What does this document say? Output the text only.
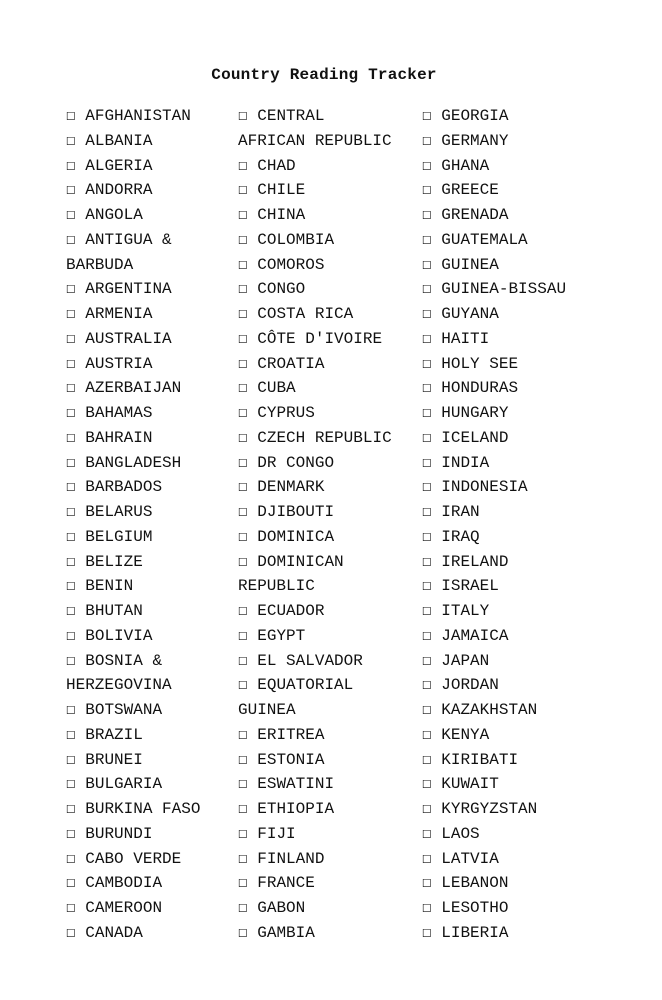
Country Reading Tracker
☐ AFGHANISTAN
☐ ALBANIA
☐ ALGERIA
☐ ANDORRA
☐ ANGOLA
☐ ANTIGUA &
BARBUDA
☐ ARGENTINA
☐ ARMENIA
☐ AUSTRALIA
☐ AUSTRIA
☐ AZERBAIJAN
☐ BAHAMAS
☐ BAHRAIN
☐ BANGLADESH
☐ BARBADOS
☐ BELARUS
☐ BELGIUM
☐ BELIZE
☐ BENIN
☐ BHUTAN
☐ BOLIVIA
☐ BOSNIA &
HERZEGOVINA
☐ BOTSWANA
☐ BRAZIL
☐ BRUNEI
☐ BULGARIA
☐ BURKINA FASO
☐ BURUNDI
☐ CABO VERDE
☐ CAMBODIA
☐ CAMEROON
☐ CANADA
☐ CENTRAL
AFRICAN REPUBLIC
☐ CHAD
☐ CHILE
☐ CHINA
☐ COLOMBIA
☐ COMOROS
☐ CONGO
☐ COSTA RICA
☐ CÔTE D'IVOIRE
☐ CROATIA
☐ CUBA
☐ CYPRUS
☐ CZECH REPUBLIC
☐ DR CONGO
☐ DENMARK
☐ DJIBOUTI
☐ DOMINICA
☐ DOMINICAN
REPUBLIC
☐ ECUADOR
☐ EGYPT
☐ EL SALVADOR
☐ EQUATORIAL
GUINEA
☐ ERITREA
☐ ESTONIA
☐ ESWATINI
☐ ETHIOPIA
☐ FIJI
☐ FINLAND
☐ FRANCE
☐ GABON
☐ GAMBIA
☐ GEORGIA
☐ GERMANY
☐ GHANA
☐ GREECE
☐ GRENADA
☐ GUATEMALA
☐ GUINEA
☐ GUINEA-BISSAU
☐ GUYANA
☐ HAITI
☐ HOLY SEE
☐ HONDURAS
☐ HUNGARY
☐ ICELAND
☐ INDIA
☐ INDONESIA
☐ IRAN
☐ IRAQ
☐ IRELAND
☐ ISRAEL
☐ ITALY
☐ JAMAICA
☐ JAPAN
☐ JORDAN
☐ KAZAKHSTAN
☐ KENYA
☐ KIRIBATI
☐ KUWAIT
☐ KYRGYZSTAN
☐ LAOS
☐ LATVIA
☐ LEBANON
☐ LESOTHO
☐ LIBERIA
